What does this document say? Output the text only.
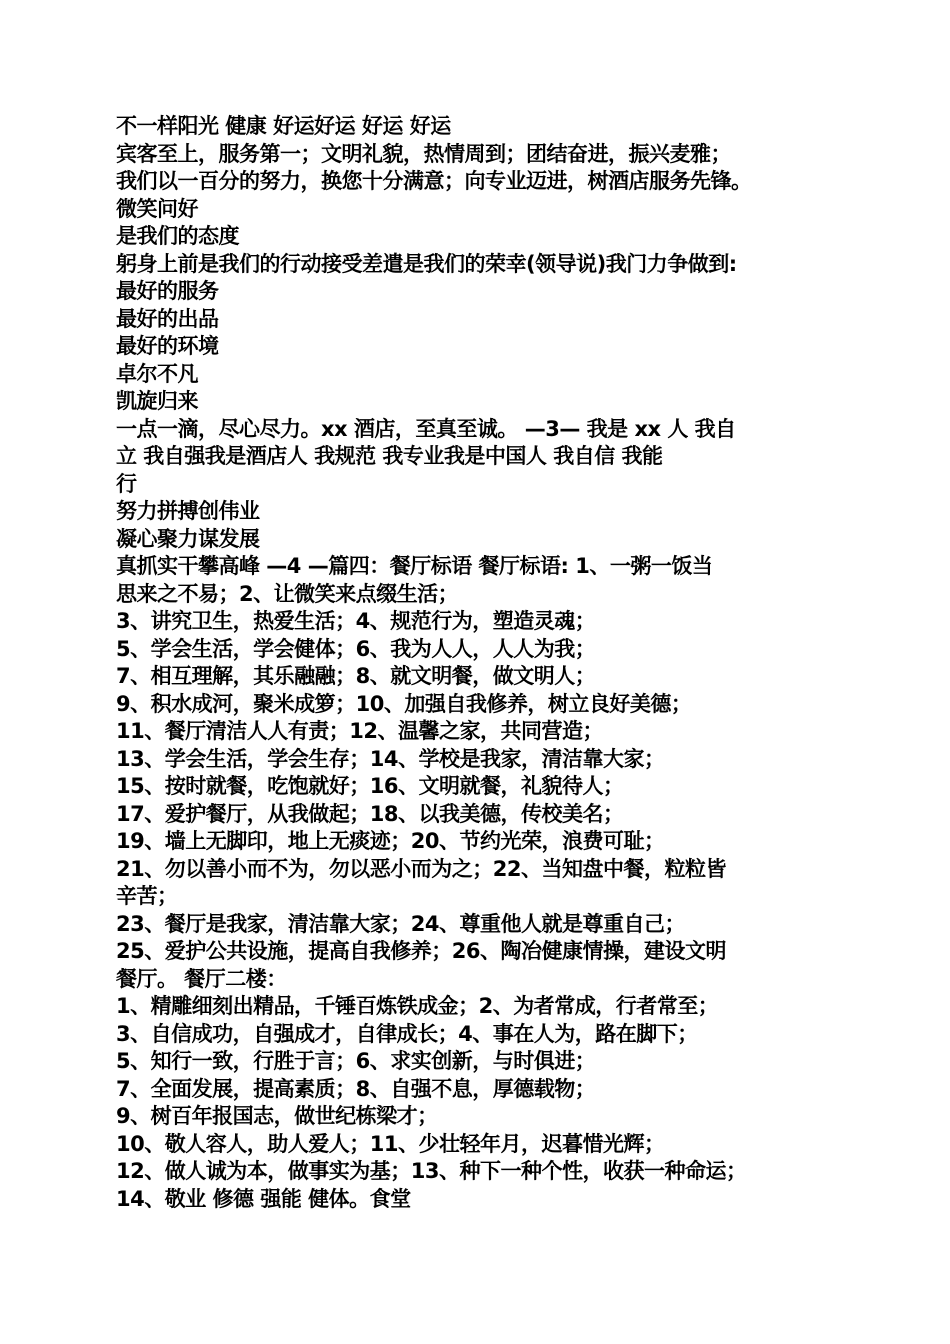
不一样阳光 健康 好运好运 好运 好运
宾客至上，服务第一；文明礼貌，热情周到；团结奋进，振兴麦雅；
我们以一百分的努力，换您十分满意；向专业迈进，树酒店服务先锋。
微笑问好
是我们的态度
躬身上前是我们的行动接受差遣是我们的荣幸(领导说)我门力争做到:
最好的服务
最好的出品
最好的环境
卓尔不凡
凯旋归来
一点一滴，尽心尽力。xx 酒店，至真至诚。 —3— 我是 xx 人 我自
立 我自强我是酒店人 我规范 我专业我是中国人 我自信 我能
行
努力拼搏创伟业
凝心聚力谋发展
真抓实干攀高峰 —4 —篇四：餐厅标语 餐厅标语: 1、一粥一饭当
思来之不易；2、让微笑来点缀生活；
3、讲究卫生，热爱生活；4、规范行为，塑造灵魂；
5、学会生活，学会健体；6、我为人人，人人为我；
7、相互理解，其乐融融；8、就文明餐，做文明人；
9、积水成河，聚米成箩；10、加强自我修养，树立良好美德；
11、餐厅清洁人人有责；12、温馨之家，共同营造；
13、学会生活，学会生存；14、学校是我家，清洁靠大家；
15、按时就餐，吃饱就好；16、文明就餐，礼貌待人；
17、爱护餐厅，从我做起；18、以我美德，传校美名；
19、墙上无脚印，地上无痰迹；20、节约光荣，浪费可耻；
21、勿以善小而不为，勿以恶小而为之；22、当知盘中餐，粒粒皆
辛苦；
23、餐厅是我家，清洁靠大家；24、尊重他人就是尊重自己；
25、爱护公共设施，提高自我修养；26、陶冶健康情操，建设文明
餐厅。 餐厅二楼：
1、精雕细刻出精品，千锤百炼铁成金；2、为者常成，行者常至；
3、自信成功，自强成才，自律成长；4、事在人为，路在脚下；
5、知行一致，行胜于言；6、求实创新，与时俱进；
7、全面发展，提高素质；8、自强不息，厚德载物；
9、树百年报国志，做世纪栋梁才；
10、敬人容人，助人爱人；11、少壮轻年月，迟暮惜光辉；
12、做人诚为本，做事实为基；13、种下一种个性，收获一种命运；
14、敬业 修德 强能 健体。食堂
